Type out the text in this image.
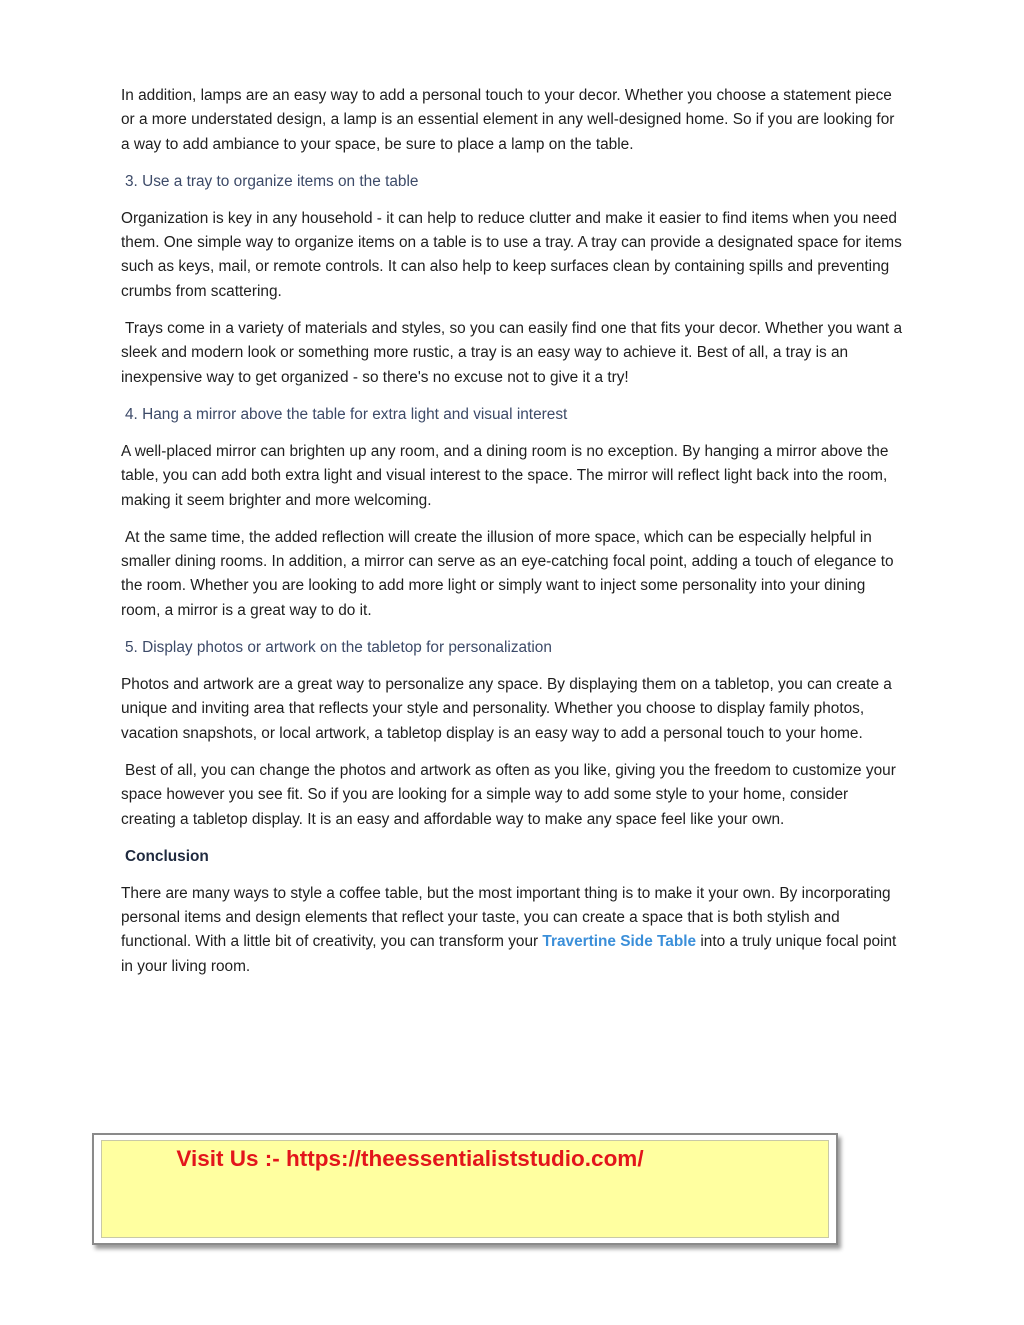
In addition, lamps are an easy way to add a personal touch to your decor. Whether you choose a statement piece or a more understated design, a lamp is an essential element in any well-designed home. So if you are looking for a way to add ambiance to your space, be sure to place a lamp on the table.

3. Use a tray to organize items on the table

Organization is key in any household - it can help to reduce clutter and make it easier to find items when you need them. One simple way to organize items on a table is to use a tray. A tray can provide a designated space for items such as keys, mail, or remote controls. It can also help to keep surfaces clean by containing spills and preventing crumbs from scattering.

Trays come in a variety of materials and styles, so you can easily find one that fits your decor. Whether you want a sleek and modern look or something more rustic, a tray is an easy way to achieve it. Best of all, a tray is an inexpensive way to get organized - so there's no excuse not to give it a try!

4. Hang a mirror above the table for extra light and visual interest

A well-placed mirror can brighten up any room, and a dining room is no exception. By hanging a mirror above the table, you can add both extra light and visual interest to the space. The mirror will reflect light back into the room, making it seem brighter and more welcoming.

At the same time, the added reflection will create the illusion of more space, which can be especially helpful in smaller dining rooms. In addition, a mirror can serve as an eye-catching focal point, adding a touch of elegance to the room. Whether you are looking to add more light or simply want to inject some personality into your dining room, a mirror is a great way to do it.

5. Display photos or artwork on the tabletop for personalization

Photos and artwork are a great way to personalize any space. By displaying them on a tabletop, you can create a unique and inviting area that reflects your style and personality. Whether you choose to display family photos, vacation snapshots, or local artwork, a tabletop display is an easy way to add a personal touch to your home.

Best of all, you can change the photos and artwork as often as you like, giving you the freedom to customize your space however you see fit. So if you are looking for a simple way to add some style to your home, consider creating a tabletop display. It is an easy and affordable way to make any space feel like your own.

Conclusion

There are many ways to style a coffee table, but the most important thing is to make it your own. By incorporating personal items and design elements that reflect your taste, you can create a space that is both stylish and functional. With a little bit of creativity, you can transform your Travertine Side Table into a truly unique focal point in your living room.

Visit Us :- https://theessentialiststudio.com/
